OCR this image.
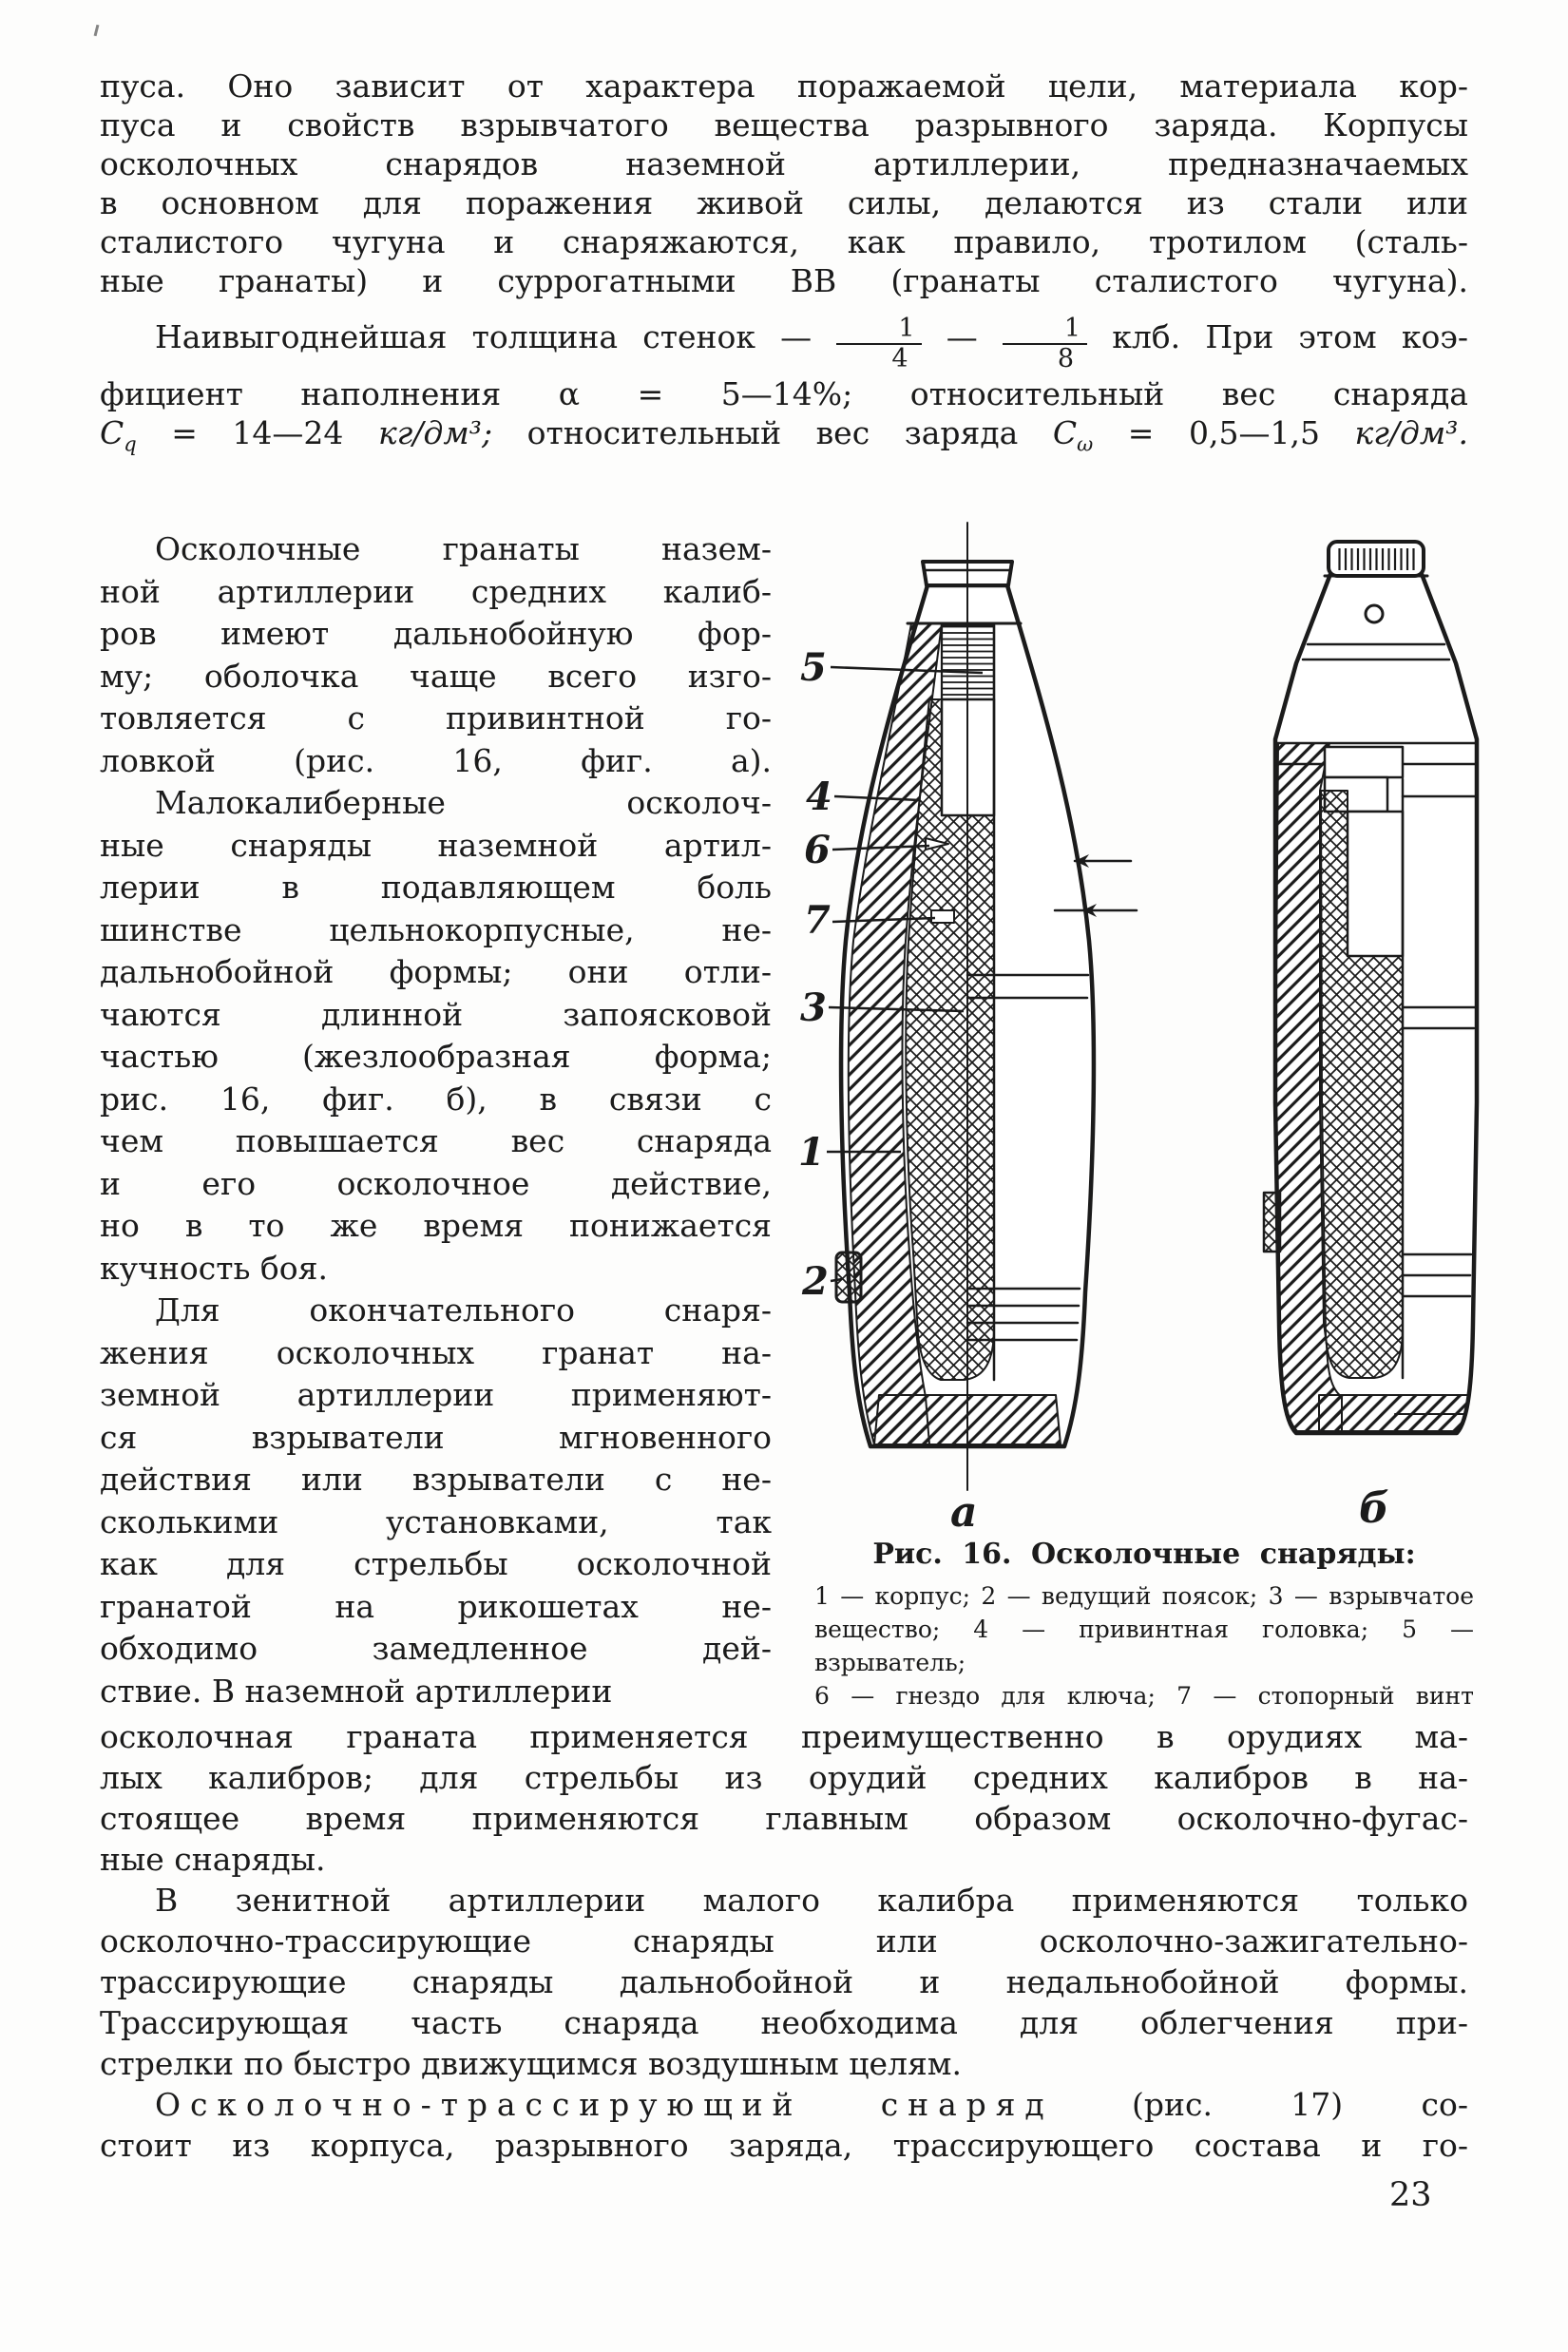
пуса. Оно зависит от характера поражаемой цели, материала кор-
пуса и свойств взрывчатого вещества разрывного заряда. Корпусы
осколочных снарядов наземной артиллерии, предназначаемых
в основном для поражения живой силы, делаются из стали или
сталистого чугуна и снаряжаются, как правило, тротилом (сталь-
ные гранаты) и суррогатными ВВ (гранаты сталистого чугуна).
Наивыгоднейшая толщина стенок — $\frac{1}{4}$ — $\frac{1}{8}$ клб. При этом коэ-
фициент наполнения α = 5—14%; относительный вес снаряда
$C_q$ = 14—24 кг/дм³; относительный вес заряда $C_\omega$ = 0,5—1,5 кг/дм³.
Осколочные гранаты назем-
ной артиллерии средних калиб-
ров имеют дальнобойную фор-
му; оболочка чаще всего изго-
товляется с привинтной го-
ловкой (рис. 16, фиг. а).
Малокалиберные осколоч-
ные снаряды наземной артил-
лерии в подавляющем боль
шинстве цельнокорпусные, не-
дальнобойной формы; они отли-
чаются длинной запоясковой
частью (жезлообразная форма;
рис. 16, фиг. б), в связи с
чем повышается вес снаряда
и его осколочное действие,
но в то же время понижается
кучность боя.
Для окончательного снаря-
жения осколочных гранат на-
земной артиллерии применяют-
ся взрыватели мгновенного
действия или взрыватели с не-
сколькими установками, так
как для стрельбы осколочной
гранатой на рикошетах не-
обходимо замедленное дей-
ствие. В наземной артиллерии
5
4
6
7
3
1
2
а	б
Рис. 16. Осколочные снаряды:
1 — корпус; 2 — ведущий поясок; 3 — взрывчатое
вещество; 4 — привинтная головка; 5 — взрыватель;
6 — гнездо для ключа; 7 — стопорный винт
осколочная граната применяется преимущественно в орудиях ма-
лых калибров; для стрельбы из орудий средних калибров в на-
стоящее время применяются главным образом осколочно-фугас-
ные снаряды.
В зенитной артиллерии малого калибра применяются только
осколочно-трассирующие снаряды или осколочно-зажигательно-
трассирующие снаряды дальнобойной и недальнобойной формы.
Трассирующая часть снаряда необходима для облегчения при-
стрелки по быстро движущимся воздушным целям.
Осколочно-трассирующий снаряд (рис. 17) со-
стоит из корпуса, разрывного заряда, трассирующего состава и го-
23
